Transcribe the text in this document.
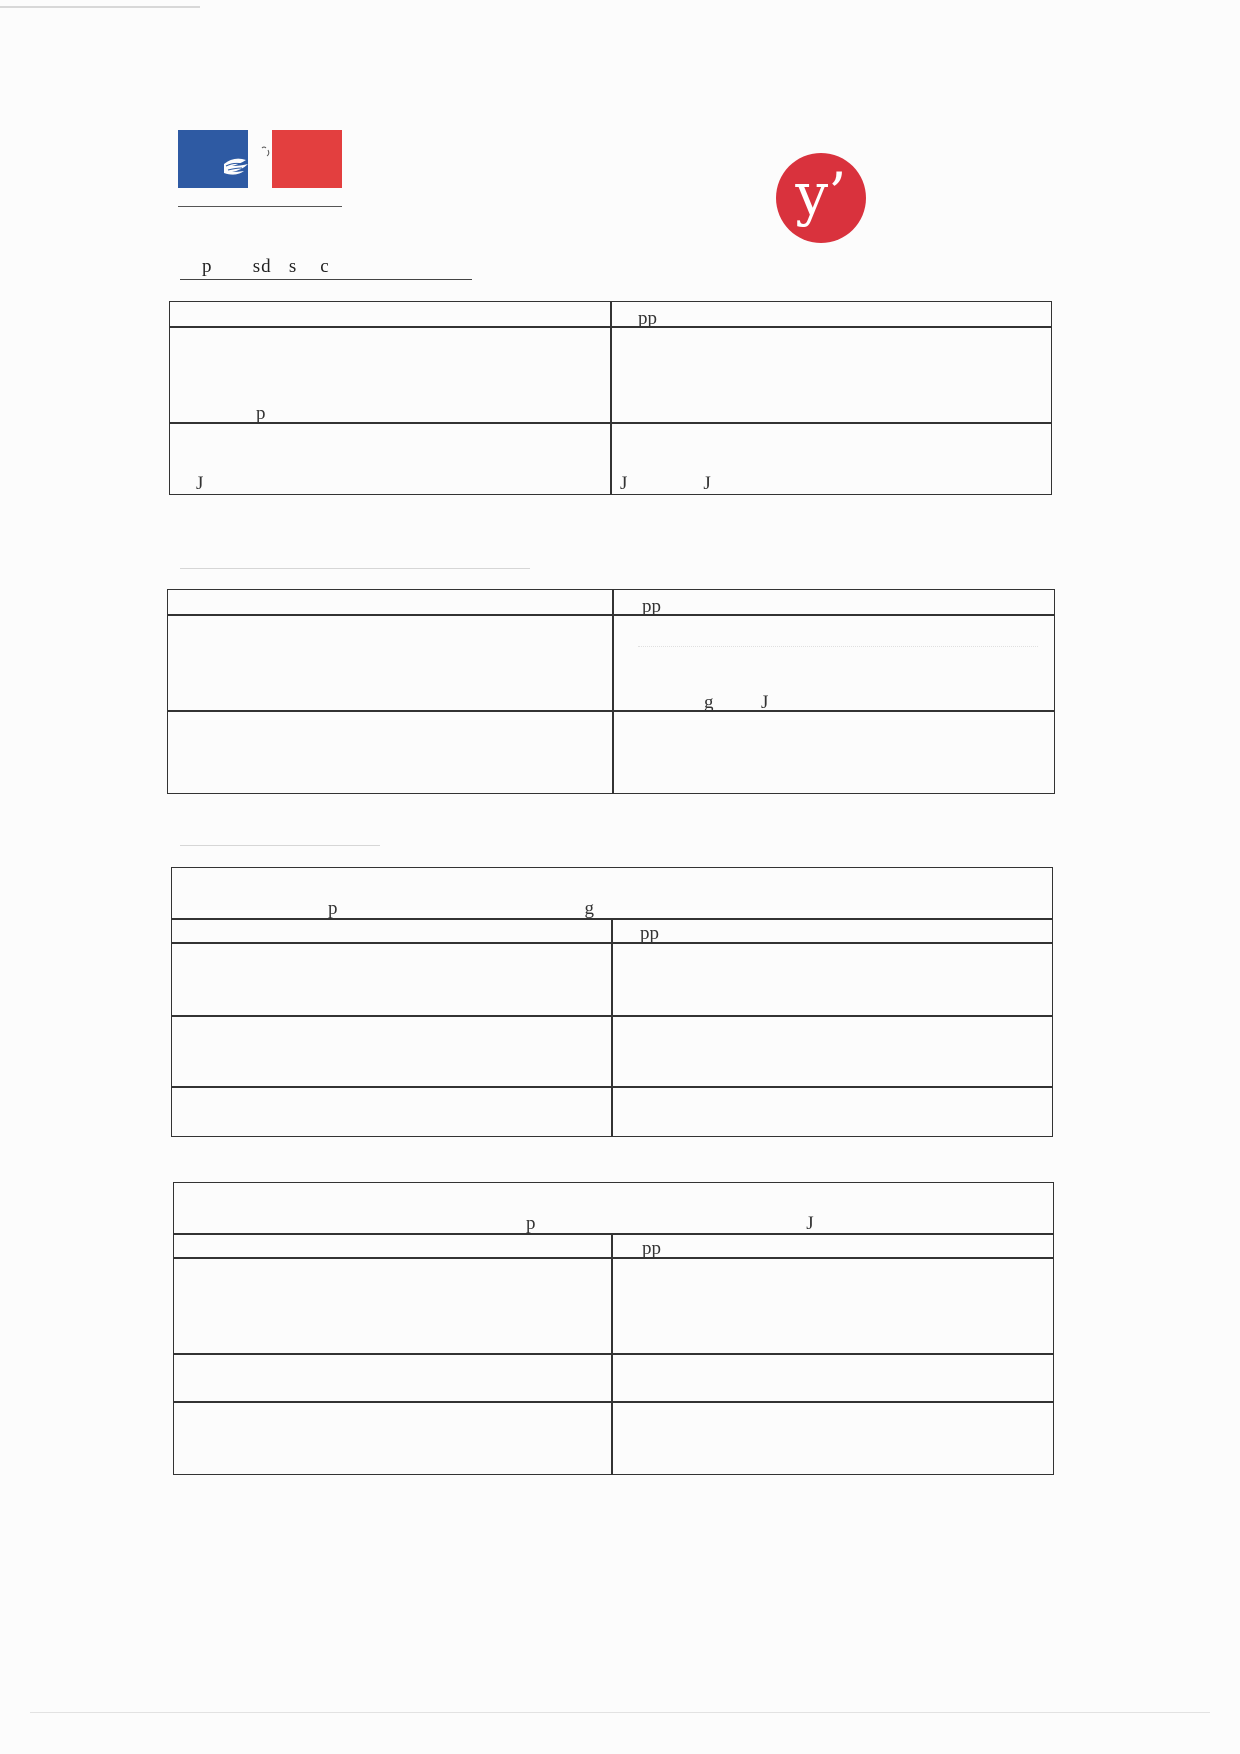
y’
p       sd   s    c
pp
p
J	J                J
pp
g          J
p                                                    g
pp
p                                                         J
pp
